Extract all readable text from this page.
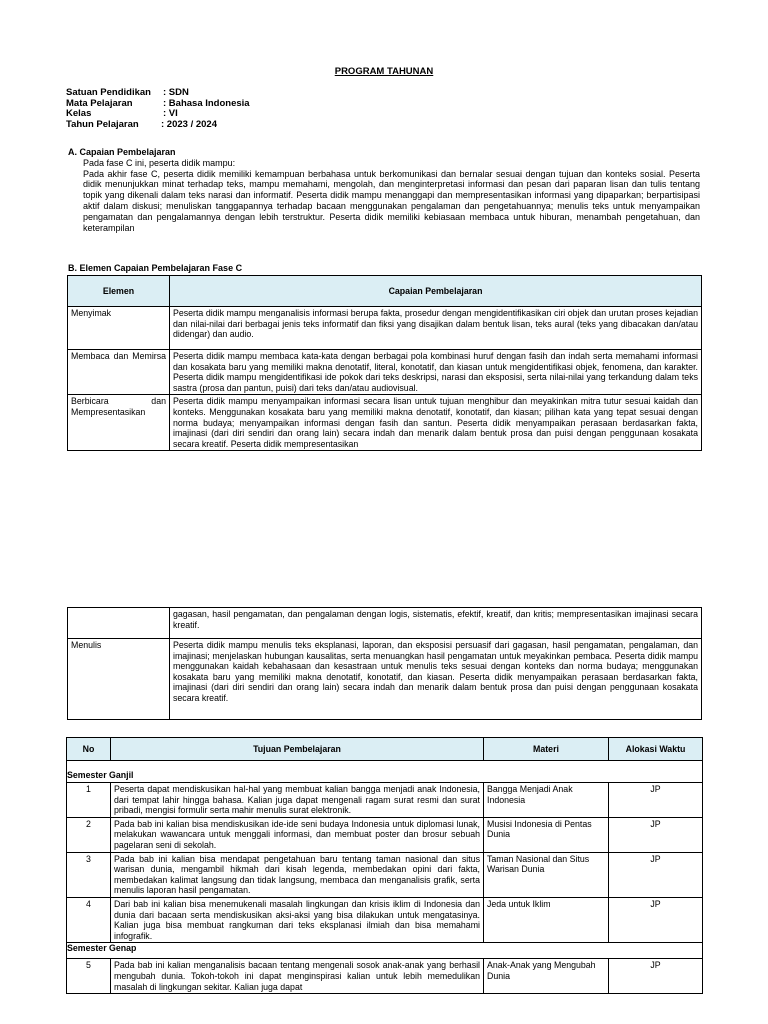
PROGRAM TAHUNAN
Satuan Pendidikan	: SDN
Mata Pelajaran	: Bahasa Indonesia
Kelas	: VI
Tahun Pelajaran	: 2023 / 2024
A. Capaian Pembelajaran
Pada fase C ini, peserta didik mampu:
Pada akhir fase C, peserta didik memiliki kemampuan berbahasa untuk berkomunikasi dan bernalar sesuai dengan tujuan dan konteks sosial. Peserta didik menunjukkan minat terhadap teks, mampu memahami, mengolah, dan menginterpretasi informasi dan pesan dari paparan lisan dan tulis tentang topik yang dikenali dalam teks narasi dan informatif. Peserta didik mampu menanggapi dan mempresentasikan informasi yang dipaparkan; berpartisipasi aktif dalam diskusi; menuliskan tanggapannya terhadap bacaan menggunakan pengalaman dan pengetahuannya; menulis teks untuk menyampaikan pengamatan dan pengalamannya dengan lebih terstruktur. Peserta didik memiliki kebiasaan membaca untuk hiburan, menambah pengetahuan, dan keterampilan
B. Elemen Capaian Pembelajaran Fase C
Elemen	Capaian Pembelajaran
Menyimak	Peserta didik mampu menganalisis informasi berupa fakta, prosedur dengan mengidentifikasikan ciri objek dan urutan proses kejadian dan nilai-nilai dari berbagai jenis teks informatif dan fiksi yang disajikan dalam bentuk lisan, teks aural (teks yang dibacakan dan/atau didengar) dan audio.
Membaca dan Memirsa	Peserta didik mampu membaca kata-kata dengan berbagai pola kombinasi huruf dengan fasih dan indah serta memahami informasi dan kosakata baru yang memiliki makna denotatif, literal, konotatif, dan kiasan untuk mengidentifikasi objek, fenomena, dan karakter. Peserta didik mampu mengidentifikasi ide pokok dari teks deskripsi, narasi dan eksposisi, serta nilai-nilai yang terkandung dalam teks sastra (prosa dan pantun, puisi) dari teks dan/atau audiovisual.
Berbicara dan Mempresentasikan	Peserta didik mampu menyampaikan informasi secara lisan untuk tujuan menghibur dan meyakinkan mitra tutur sesuai kaidah dan konteks. Menggunakan kosakata baru yang memiliki makna denotatif, konotatif, dan kiasan; pilihan kata yang tepat sesuai dengan norma budaya; menyampaikan informasi dengan fasih dan santun. Peserta didik menyampaikan perasaan berdasarkan fakta, imajinasi (dari diri sendiri dan orang lain) secara indah dan menarik dalam bentuk prosa dan puisi dengan penggunaan kosakata secara kreatif. Peserta didik mempresentasikan
	gagasan, hasil pengamatan, dan pengalaman dengan logis, sistematis, efektif, kreatif, dan kritis; mempresentasikan imajinasi secara kreatif.
Menulis	Peserta didik mampu menulis teks eksplanasi, laporan, dan eksposisi persuasif dari gagasan, hasil pengamatan, pengalaman, dan imajinasi; menjelaskan hubungan kausalitas, serta menuangkan hasil pengamatan untuk meyakinkan pembaca. Peserta didik mampu menggunakan kaidah kebahasaan dan kesastraan untuk menulis teks sesuai dengan konteks dan norma budaya; menggunakan kosakata baru yang memiliki makna denotatif, konotatif, dan kiasan. Peserta didik menyampaikan perasaan berdasarkan fakta, imajinasi (dari diri sendiri dan orang lain) secara indah dan menarik dalam bentuk prosa dan puisi dengan penggunaan kosakata secara kreatif.
No	Tujuan Pembelajaran	Materi	Alokasi Waktu
Semester Ganjil			
1	Peserta dapat mendiskusikan hal-hal yang membuat kalian bangga menjadi anak Indonesia, dari tempat lahir hingga bahasa. Kalian juga dapat mengenali ragam surat resmi dan surat pribadi, mengisi formulir serta mahir menulis surat elektronik.	Bangga Menjadi Anak Indonesia	JP
2	Pada bab ini kalian bisa mendiskusikan ide-ide seni budaya Indonesia untuk diplomasi lunak, melakukan wawancara untuk menggali informasi, dan membuat poster dan brosur sebuah pagelaran seni di sekolah.	Musisi Indonesia di Pentas Dunia	JP
3	Pada bab ini kalian bisa mendapat pengetahuan baru tentang taman nasional dan situs warisan dunia, mengambil hikmah dari kisah legenda, membedakan opini dari fakta, membedakan kalimat langsung dan tidak langsung, membaca dan menganalisis grafik, serta menulis laporan hasil pengamatan.	Taman Nasional dan Situs Warisan Dunia	JP
4	Dari bab ini kalian bisa menemukenali masalah lingkungan dan krisis iklim di Indonesia dan dunia dari bacaan serta mendiskusikan aksi-aksi yang bisa dilakukan untuk mengatasinya. Kalian juga bisa membuat rangkuman dari teks eksplanasi ilmiah dan bisa memahami infografik.	Jeda untuk Iklim	JP
Semester Genap			
5	Pada bab ini kalian menganalisis bacaan tentang mengenali sosok anak-anak yang berhasil mengubah dunia. Tokoh-tokoh ini dapat menginspirasi kalian untuk lebih memedulikan masalah di lingkungan sekitar. Kalian juga dapat	Anak-Anak yang Mengubah Dunia	JP
